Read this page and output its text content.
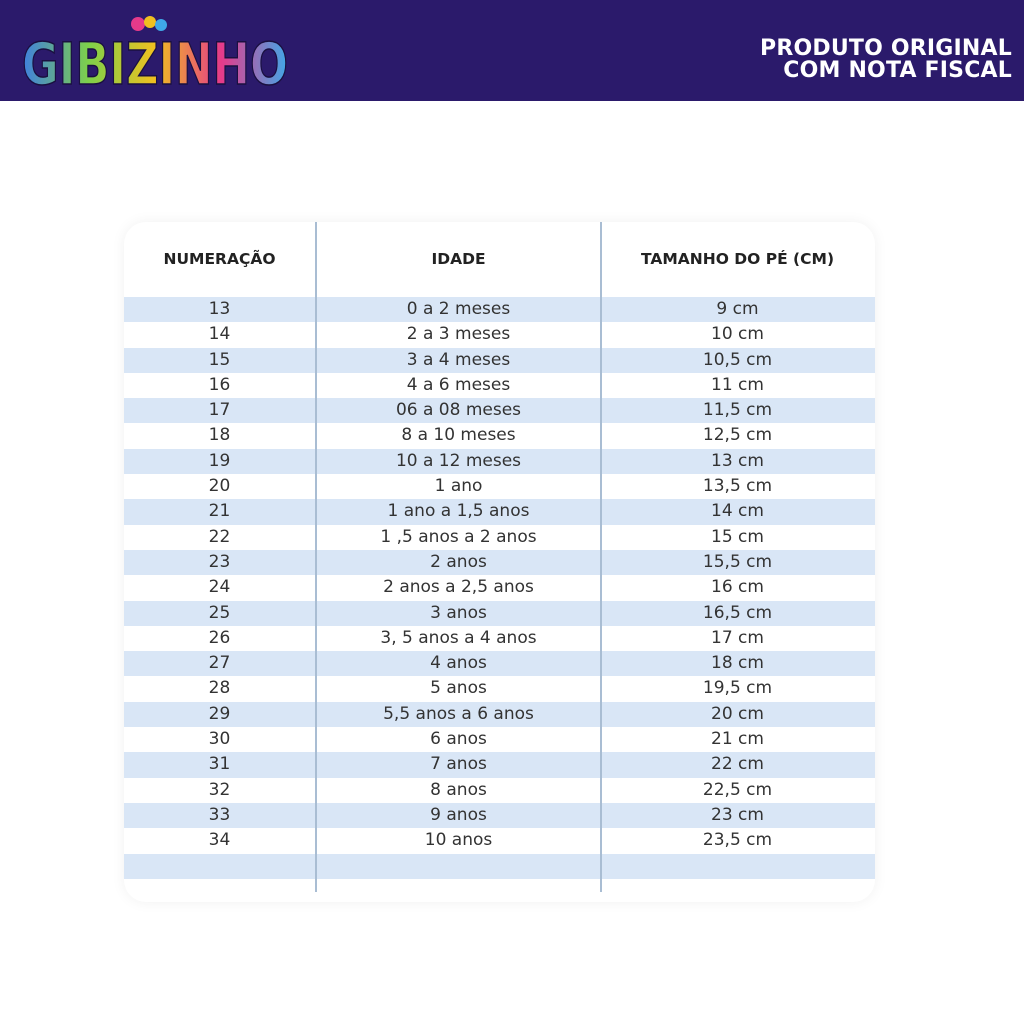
GIBIZINHO	PRODUTO ORIGINAL
COM NOTA FISCAL
NUMERAÇÃO	IDADE	TAMANHO DO PÉ (CM)
13	0 a 2 meses	9 cm
14	2 a 3 meses	10 cm
15	3 a 4 meses	10,5 cm
16	4 a 6 meses	11 cm
17	06 a 08 meses	11,5 cm
18	8 a 10 meses	12,5 cm
19	10 a 12 meses	13 cm
20	1 ano	13,5 cm
21	1 ano a 1,5 anos	14 cm
22	1 ,5 anos a 2 anos	15 cm
23	2 anos	15,5 cm
24	2 anos a 2,5 anos	16 cm
25	3 anos	16,5 cm
26	3, 5 anos a 4 anos	17 cm
27	4 anos	18 cm
28	5 anos	19,5 cm
29	5,5 anos a 6 anos	20 cm
30	6 anos	21 cm
31	7 anos	22 cm
32	8 anos	22,5 cm
33	9 anos	23 cm
34	10 anos	23,5 cm
